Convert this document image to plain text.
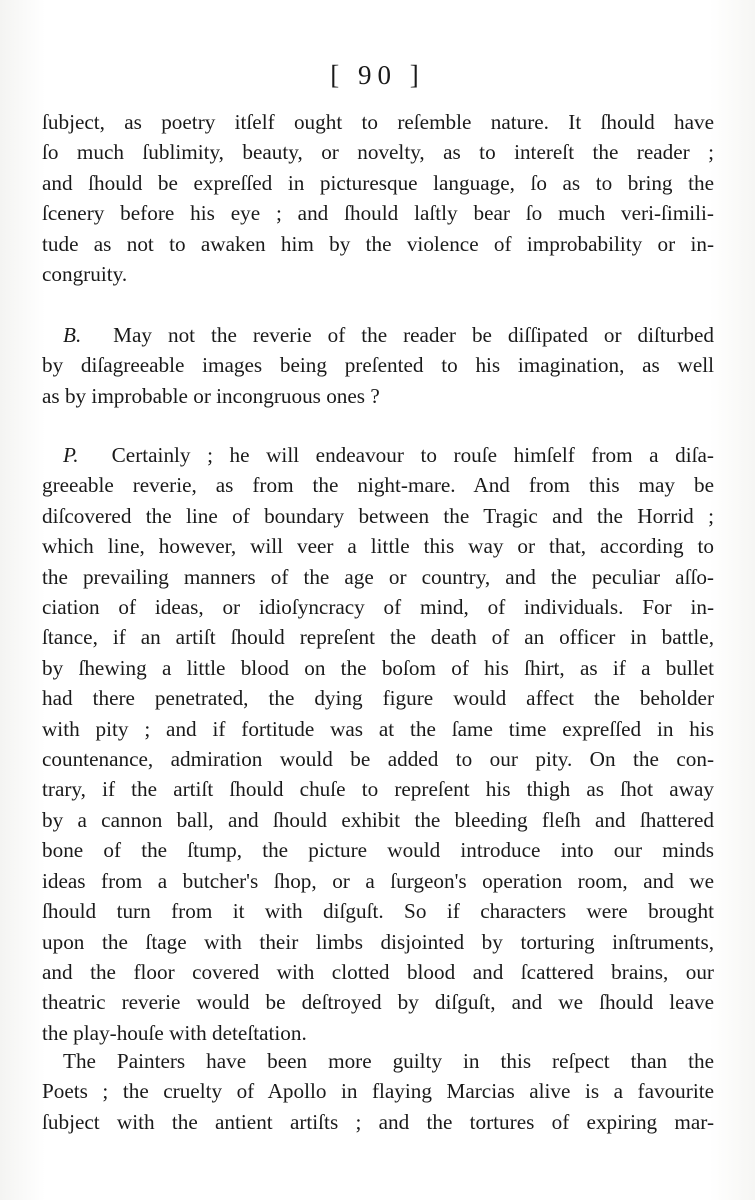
[ 90 ]
ſubject, as poetry itſelf ought to reſemble nature. It ſhould have
ſo much ſublimity, beauty, or novelty, as to intereſt the reader ;
and ſhould be expreſſed in picturesque language, ſo as to bring the
ſcenery before his eye ; and ſhould laſtly bear ſo much veri-ſimili-
tude as not to awaken him by the violence of improbability or in-
congruity.
B. May not the reverie of the reader be diſſipated or diſturbed
by diſagreeable images being preſented to his imagination, as well
as by improbable or incongruous ones ?
P. Certainly ; he will endeavour to rouſe himſelf from a diſa-
greeable reverie, as from the night-mare. And from this may be
diſcovered the line of boundary between the Tragic and the Horrid ;
which line, however, will veer a little this way or that, according to
the prevailing manners of the age or country, and the peculiar aſſo-
ciation of ideas, or idioſyncracy of mind, of individuals. For in-
ſtance, if an artiſt ſhould repreſent the death of an officer in battle,
by ſhewing a little blood on the boſom of his ſhirt, as if a bullet
had there penetrated, the dying figure would affect the beholder
with pity ; and if fortitude was at the ſame time expreſſed in his
countenance, admiration would be added to our pity. On the con-
trary, if the artiſt ſhould chuſe to repreſent his thigh as ſhot away
by a cannon ball, and ſhould exhibit the bleeding fleſh and ſhattered
bone of the ſtump, the picture would introduce into our minds
ideas from a butcher's ſhop, or a ſurgeon's operation room, and we
ſhould turn from it with diſguſt. So if characters were brought
upon the ſtage with their limbs disjointed by torturing inſtruments,
and the floor covered with clotted blood and ſcattered brains, our
theatric reverie would be deſtroyed by diſguſt, and we ſhould leave
the play-houſe with deteſtation.
The Painters have been more guilty in this reſpect than the
Poets ; the cruelty of Apollo in flaying Marcias alive is a favourite
ſubject with the antient artiſts ; and the tortures of expiring mar-
